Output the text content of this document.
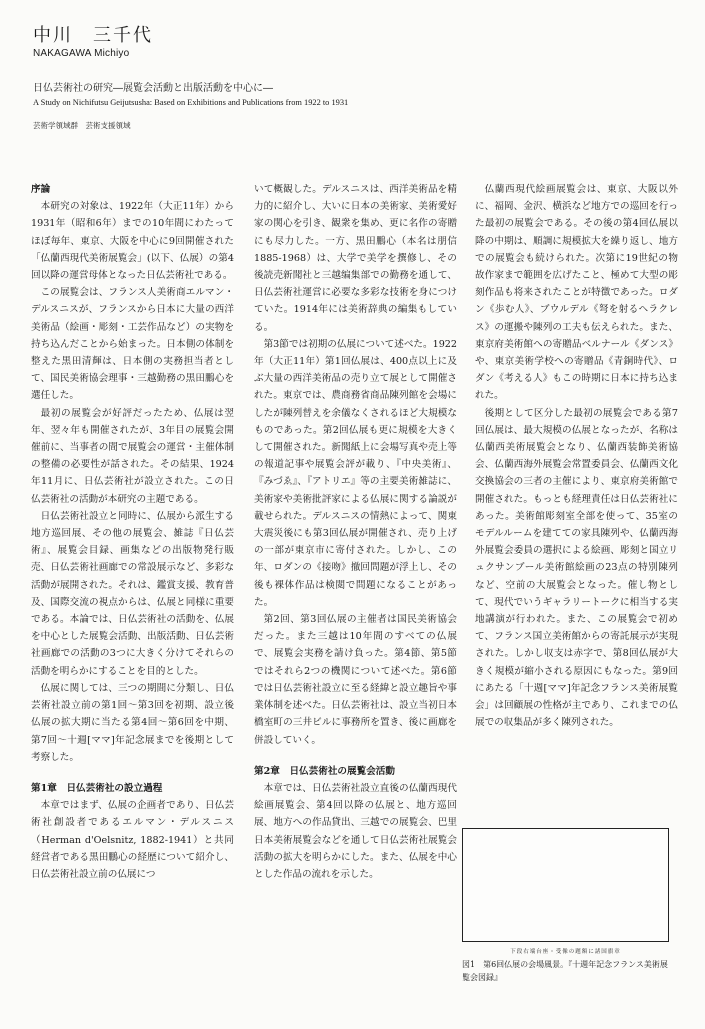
中川　三千代
NAKAGAWA Michiyo
日仏芸術社の研究―展覧会活動と出版活動を中心に―
A Study on Nichifutsu Geijutsusha: Based on Exhibitions and Publications from 1922 to 1931
芸術学領域群　芸術支援領域
序論

本研究の対象は、1922年（大正11年）から1931年（昭和6年）までの10年間にわたってほぼ毎年、東京、大阪を中心に9回開催された「仏蘭西現代美術展覧会」(以下、仏展）の第4回以降の運営母体となった日仏芸術社である。

この展覧会は、フランス人美術商エルマン・デルスニスが、フランスから日本に大量の西洋美術品（絵画・彫刻・工芸作品など）の実物を持ち込んだことから始まった。日本側の体制を整えた黒田清輝は、日本側の実務担当者として、国民美術協会理事・三越勤務の黒田鵬心を選任した。

最初の展覧会が好評だったため、仏展は翌年、翌々年も開催されたが、3年目の展覧会開催前に、当事者の間で展覧会の運営・主催体制の整備の必要性が話された。その結果、1924年11月に、日仏芸術社が設立された。この日仏芸術社の活動が本研究の主題である。

日仏芸術社設立と同時に、仏展から派生する地方巡回展、その他の展覧会、雑誌『日仏芸術』、展覧会目録、画集などの出版物発行販売、日仏芸術社画廊での常設展示など、多彩な活動が展開された。それは、鑑賞支援、教育普及、国際交流の視点からは、仏展と同様に重要である。本論では、日仏芸術社の活動を、仏展を中心とした展覧会活動、出版活動、日仏芸術社画廊での活動の3つに大きく分けてそれらの活動を明らかにすることを目的とした。

仏展に関しては、三つの期間に分類し、日仏芸術社設立前の第1回～第3回を初期、設立後仏展の拡大期に当たる第4回～第6回を中期、第7回～十週[ママ]年記念展までを後期として考察した。

第1章　日仏芸術社の設立過程

本章ではまず、仏展の企画者であり、日仏芸術社創設者であるエルマン・デルスニス（Herman d'Oelsnitz, 1882-1941）と共同経営者である黒田鵬心の経歴について紹介し、日仏芸術社設立前の仏展につ

いて概観した。デルスニスは、西洋美術品を精力的に紹介し、大いに日本の美術家、美術愛好家の関心を引き、観衆を集め、更に名作の寄贈にも尽力した。一方、黒田鵬心（本名は朋信1885-1968）は、大学で美学を撰修し、その後読売新聞社と三越编集部での勤務を通して、日仏芸術社運営に必要な多彩な技術を身につけていた。1914年には美術辞典の編集もしている。

第3節では初期の仏展について述べた。1922年（大正11年）第1回仏展は、400点以上に及ぶ大量の西洋美術品の売り立て展として開催された。東京では、農商務省商品陳列館を会場にしたが陳列替えを余儀なくされるほど大規模なものであった。第2回仏展も更に規模を大きくして開催された。新聞紙上に会場写真や売上等の報道記事や展覧会評が載り、『中央美術』、『みづゑ』、『アトリエ』等の主要美術雑誌に、美術家や美術批評家による仏展に関する論説が載せられた。デルスニスの情熱によって、関東大震災後にも第3回仏展が開催され、売り上げの一部が東京市に寄付された。しかし、この年、ロダンの《接吻》撤回問題が浮上し、その後も裸体作品は検閲で問題になることがあった。

第2回、第3回仏展の主催者は国民美術協会だった。また三越は10年間のすべての仏展で、展覧会実務を請け負った。第4節、第5節ではそれら2つの機関について述べた。第6節では日仏芸術社設立に至る経緯と設立趣旨や事業体制を述べた。日仏芸術社は、設立当初日本橋室町の三井ビルに事務所を置き、後に画廊を併設していく。

第2章　日仏芸術社の展覧会活動

本章では、日仏芸術社設立直後の仏蘭西現代絵画展覧会、第4回以降の仏展と、地方巡回展、地方への作品貸出、三越での展覧会、巴里日本美術展覧会などを通して日仏芸術社展覧会活動の拡大を明らかにした。また、仏展を中心とした作品の流れを示した。

仏蘭西現代絵画展覧会は、東京、大阪以外に、福岡、金沢、横浜など地方での巡回を行った最初の展覧会である。その後の第4回仏展以降の中期は、順調に規模拡大を繰り返し、地方での展覧会も続けられた。次第に19世紀の物故作家まで範囲を広げたこと、極めて大型の彫刻作品も将来されたことが特徴であった。ロダン《歩む人》、ブウルデル《弩を射るヘラクレス》の運搬や陳列の工夫も伝えられた。また、東京府美術館への寄贈品ベルナール《ダンス》や、東京美術学校への寄贈品《青銅時代》、ロダン《考える人》もこの時期に日本に持ち込まれた。

後期として区分した最初の展覧会である第7回仏展は、最大規模の仏展となったが、名称は仏蘭西美術展覧会となり、仏蘭西装飾美術協会、仏蘭西海外展覧会常置委員会、仏蘭西文化交換協会の三者の主催により、東京府美術館で開催された。もっとも経理責任は日仏芸術社にあった。美術館彫刻室全部を使って、35室のモデルルームを建てての家具陳列や、仏蘭西海外展覧会委員の選択による絵画、彫刻と国立リュクサンブール美術館絵画の23点の特別陳列など、空前の大展覧会となった。催し物として、現代でいうギャラリートークに相当する実地講演が行われた。また、この展覧会で初めて、フランス国立美術館からの寄託展示が実現された。しかし収支は赤字で、第8回仏展が大きく規模が縮小される原因にもなった。第9回にあたる「十週[ママ]年記念フランス美術展覧会」は回顧展の性格が主であり、これまでの仏展での収集品が多く陳列された。

下段右端台座・受像の題額に諸国旗章
図1　第6回仏展の会場風景。『十週年記念フランス美術展覧会図録』
